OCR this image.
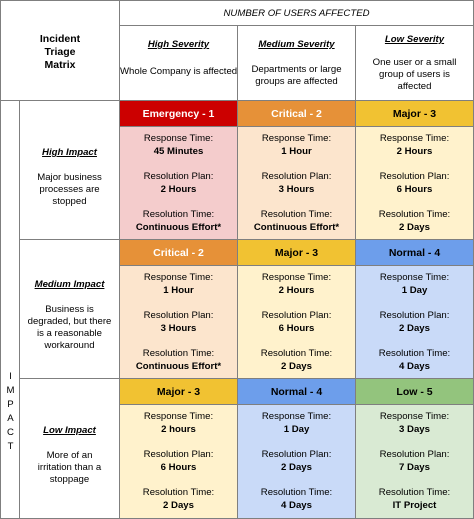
Incident
Triage
Matrix
NUMBER OF USERS AFFECTED
High Severity
Whole Company is affected
Medium Severity
Departments or large groups are affected
Low Severity
One user or a small group of users is affected
I
M
P
A
C
T
High Impact
Major business processes are stopped
Medium Impact
Business is degraded, but there is a reasonable workaround
Low Impact
More of an irritation than a stoppage
Emergency - 1
Response Time:
45 Minutes
Resolution Plan:
2 Hours
Resolution Time:
Continuous Effort*
Critical - 2
Response Time:
1 Hour
Resolution Plan:
3 Hours
Resolution Time:
Continuous Effort*
Major - 3
Response Time:
2 Hours
Resolution Plan:
6 Hours
Resolution Time:
2 Days
Critical - 2
Response Time:
1 Hour
Resolution Plan:
3 Hours
Resolution Time:
Continuous Effort*
Major - 3
Response Time:
2 Hours
Resolution Plan:
6 Hours
Resolution Time:
2 Days
Normal - 4
Response Time:
1 Day
Resolution Plan:
2 Days
Resolution Time:
4 Days
Major - 3
Response Time:
2 hours
Resolution Plan:
6 Hours
Resolution Time:
2 Days
Normal - 4
Response Time:
1 Day
Resolution Plan:
2 Days
Resolution Time:
4 Days
Low - 5
Response Time:
3 Days
Resolution Plan:
7 Days
Resolution Time:
IT Project
